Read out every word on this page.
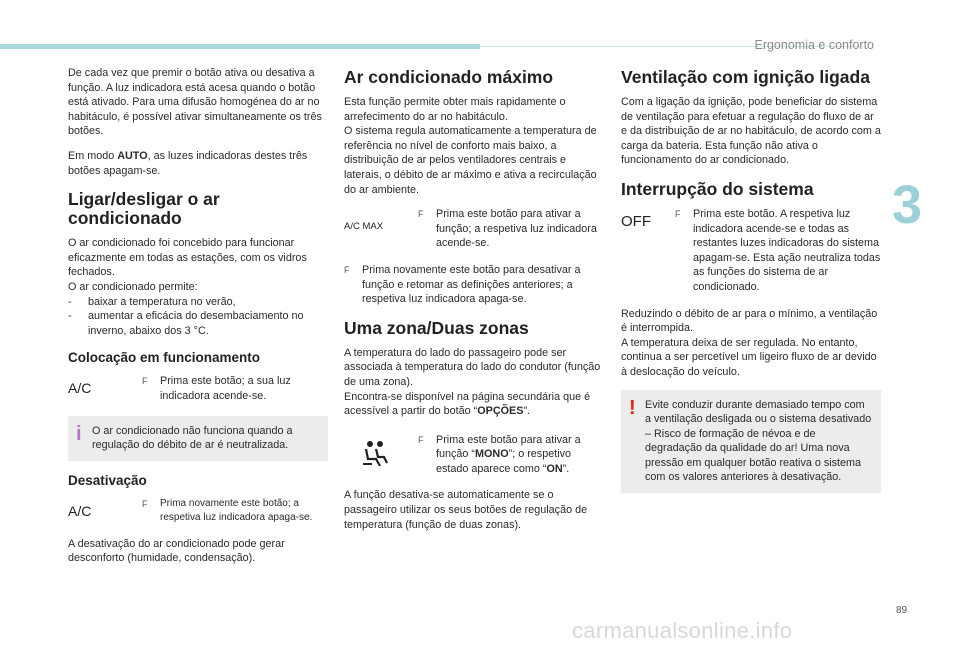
Ergonomia e conforto
3
89
carmanualsonline.info

De cada vez que premir o botão ativa ou desativa a função. A luz indicadora está acesa quando o botão está ativado. Para uma difusão homogénea do ar no habitáculo, é possível ativar simultaneamente os três botões.

Em modo AUTO, as luzes indicadoras destes três botões apagam-se.

Ligar/desligar o ar condicionado

O ar condicionado foi concebido para funcionar eficazmente em todas as estações, com os vidros fechados.

O ar condicionado permite:

- baixar a temperatura no verão,
- aumentar a eficácia do desembaciamento no inverno, abaixo dos 3 °C.
Colocação em funcionamento
A/C	F	Prima este botão; a sua luz indicadora acende-se.
i O ar condicionado não funciona quando a regulação do débito de ar é neutralizada.
Desativação
A/C	F	Prima novamente este botão; a respetiva luz indicadora apaga-se.

A desativação do ar condicionado pode gerar desconforto (humidade, condensação).

Ar condicionado máximo

Esta função permite obter mais rapidamente o arrefecimento do ar no habitáculo.

O sistema regula automaticamente a temperatura de referência no nível de conforto mais baixo, a distribuição de ar pelos ventiladores centrais e laterais, o débito de ar máximo e ativa a recirculação do ar ambiente.

A/C MAX
F	Prima este botão para ativar a função; a respetiva luz indicadora acende-se.
F	Prima novamente este botão para desativar a função e retomar as definições anteriores; a respetiva luz indicadora apaga-se.
Uma zona/Duas zonas

A temperatura do lado do passageiro pode ser associada à temperatura do lado do condutor (função de uma zona).

Encontra-se disponível na página secundária que é acessível a partir do botão “OPÇÕES”.

F	Prima este botão para ativar a função “MONO”; o respetivo estado aparece como “ON”.

A função desativa-se automaticamente se o passageiro utilizar os seus botões de regulação de temperatura (função de duas zonas).

Ventilação com ignição ligada

Com a ligação da ignição, pode beneficiar do sistema de ventilação para efetuar a regulação do fluxo de ar e da distribuição de ar no habitáculo, de acordo com a carga da bateria. Esta função não ativa o funcionamento do ar condicionado.

Interrupção do sistema
OFF	F	Prima este botão. A respetiva luz indicadora acende-se e todas as restantes luzes indicadoras do sistema apagam-se. Esta ação neutraliza todas as funções do sistema de ar condicionado.

Reduzindo o débito de ar para o mínimo, a ventilação é interrompida.

A temperatura deixa de ser regulada. No entanto, continua a ser percetível um ligeiro fluxo de ar devido à deslocação do veículo.

! Evite conduzir durante demasiado tempo com a ventilação desligada ou o sistema desativado – Risco de formação de névoa e de degradação da qualidade do ar! Uma nova pressão em qualquer botão reativa o sistema com os valores anteriores à desativação.
